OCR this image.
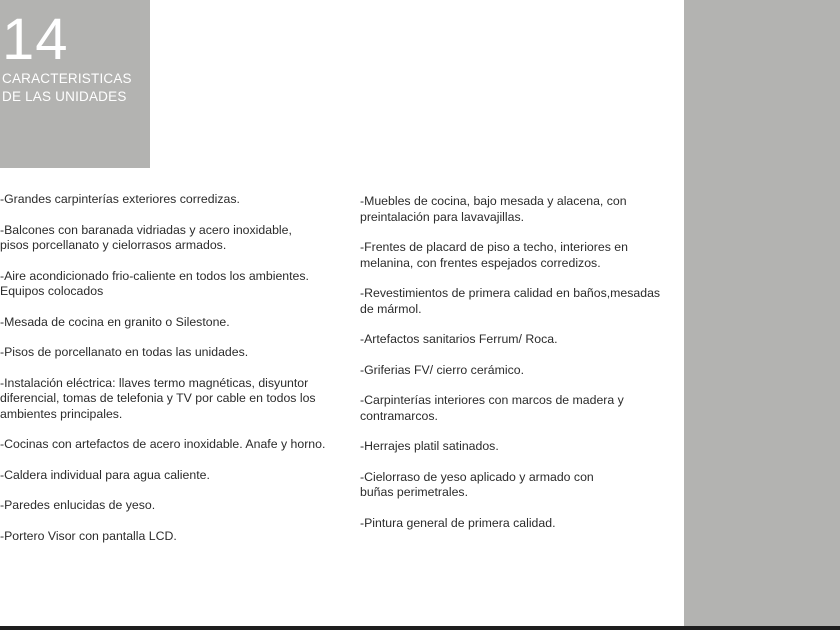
14
CARACTERISTICAS
DE LAS UNIDADES

-Grandes carpinterías exteriores corredizas.

-Balcones con baranada vidriadas y acero inoxidable,
pisos porcellanato y cielorrasos armados.

-Aire acondicionado frio-caliente en todos los ambientes.
Equipos colocados

-Mesada de cocina en granito o Silestone.

-Pisos de porcellanato en todas las unidades.

-Instalación eléctrica: llaves termo magnéticas, disyuntor
diferencial, tomas de telefonia y TV por cable en todos los
ambientes principales.

-Cocinas con artefactos de acero inoxidable. Anafe y horno.

-Caldera individual para agua caliente.

-Paredes enlucidas de yeso.

-Portero Visor con pantalla LCD.

-Muebles de cocina, bajo mesada y alacena, con
preintalación para lavavajillas.

-Frentes de placard de piso a techo, interiores en
melanina, con frentes espejados corredizos.

-Revestimientos de primera calidad en baños,mesadas
de mármol.

-Artefactos sanitarios Ferrum/ Roca.

-Griferias FV/ cierro cerámico.

-Carpinterías interiores con marcos de madera y
contramarcos.

-Herrajes platil satinados.

-Cielorraso de yeso aplicado y armado con
buñas perimetrales.

-Pintura general de primera calidad.
